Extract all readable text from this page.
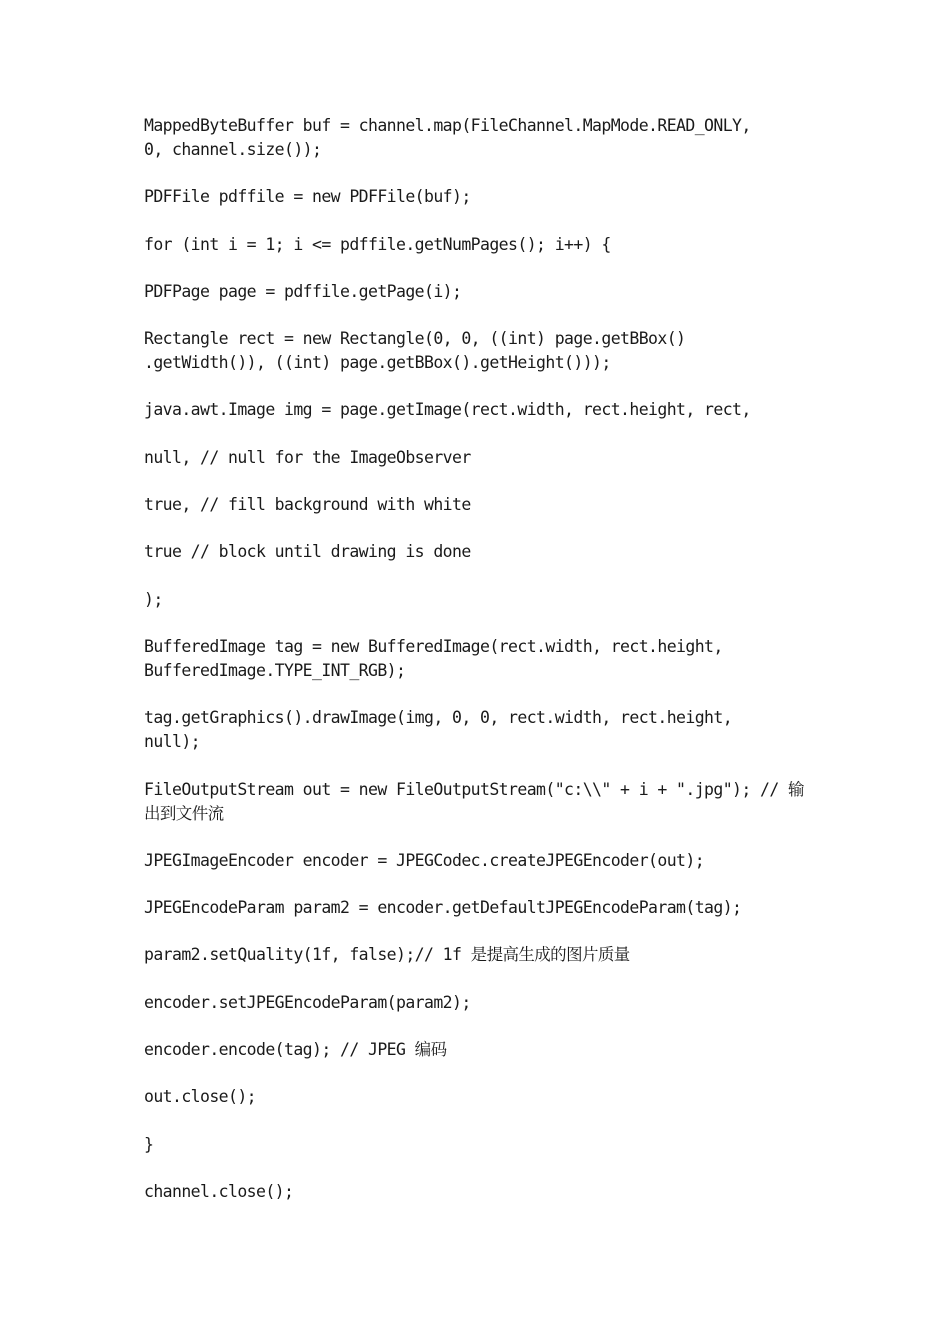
MappedByteBuffer buf = channel.map(FileChannel.MapMode.READ_ONLY,
0, channel.size());
PDFFile pdffile = new PDFFile(buf);
for (int i = 1; i <= pdffile.getNumPages(); i++) {
PDFPage page = pdffile.getPage(i);
Rectangle rect = new Rectangle(0, 0, ((int) page.getBBox()
.getWidth()), ((int) page.getBBox().getHeight()));
java.awt.Image img = page.getImage(rect.width, rect.height, rect,
null, // null for the ImageObserver
true, // fill background with white
true // block until drawing is done
);
BufferedImage tag = new BufferedImage(rect.width, rect.height,
BufferedImage.TYPE_INT_RGB);
tag.getGraphics().drawImage(img, 0, 0, rect.width, rect.height,
null);
FileOutputStream out = new FileOutputStream("c:\\" + i + ".jpg"); // 输
出到文件流
JPEGImageEncoder encoder = JPEGCodec.createJPEGEncoder(out);
JPEGEncodeParam param2 = encoder.getDefaultJPEGEncodeParam(tag);
param2.setQuality(1f, false);// 1f 是提高生成的图片质量
encoder.setJPEGEncodeParam(param2);
encoder.encode(tag); // JPEG 编码
out.close();
}
channel.close();
